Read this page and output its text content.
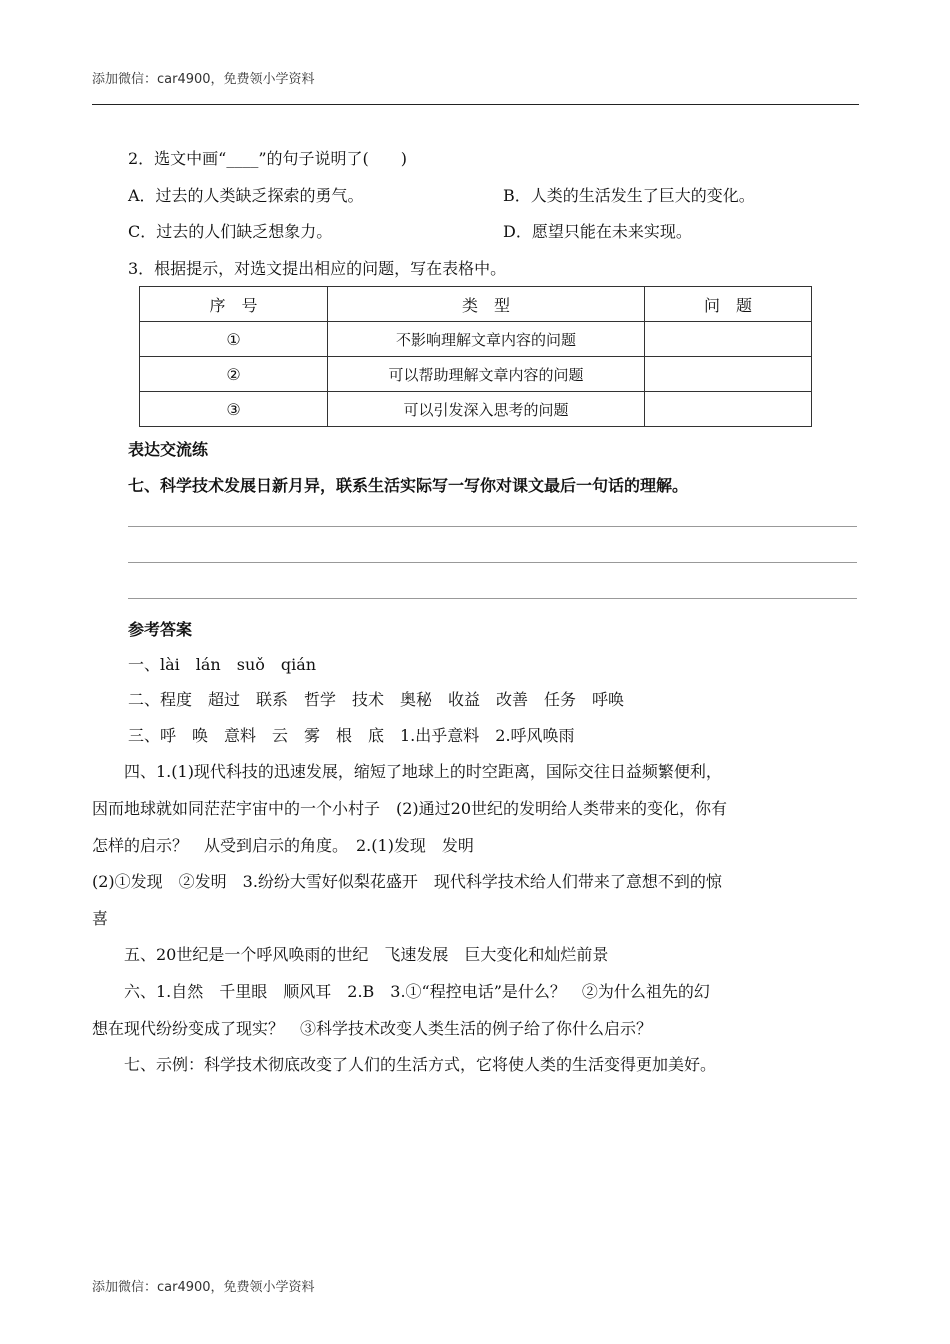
添加微信：car4900，免费领小学资料
2．选文中画“____”的句子说明了(　　)
A．过去的人类缺乏探索的勇气。	B．人类的生活发生了巨大的变化。
C．过去的人们缺乏想象力。	D．愿望只能在未来实现。
3．根据提示，对选文提出相应的问题，写在表格中。
序　号	类　型	问　题
①	不影响理解文章内容的问题	
②	可以帮助理解文章内容的问题	
③	可以引发深入思考的问题	
表达交流练
七、科学技术发展日新月异，联系生活实际写一写你对课文最后一句话的理解。
参考答案
一、lài　lán　suǒ　qián
二、程度　超过　联系　哲学　技术　奥秘　收益　改善　任务　呼唤
三、呼　唤　意料　云　雾　根　底　1.出乎意料　2.呼风唤雨
　　四、1.(1)现代科技的迅速发展，缩短了地球上的时空距离，国际交往日益频繁便利，
因而地球就如同茫茫宇宙中的一个小村子　(2)通过20世纪的发明给人类带来的变化，你有
怎样的启示？　从受到启示的角度。　2.(1)发现　发明
(2)①发现　②发明　3.纷纷大雪好似梨花盛开　现代科学技术给人们带来了意想不到的惊
喜
　　五、20世纪是一个呼风唤雨的世纪　飞速发展　巨大变化和灿烂前景
　　六、1.自然　千里眼　顺风耳　2.B　3.①“程控电话”是什么？　②为什么祖先的幻
想在现代纷纷变成了现实？　③科学技术改变人类生活的例子给了你什么启示？
　　七、示例：科学技术彻底改变了人们的生活方式，它将使人类的生活变得更加美好。
添加微信：car4900，免费领小学资料
